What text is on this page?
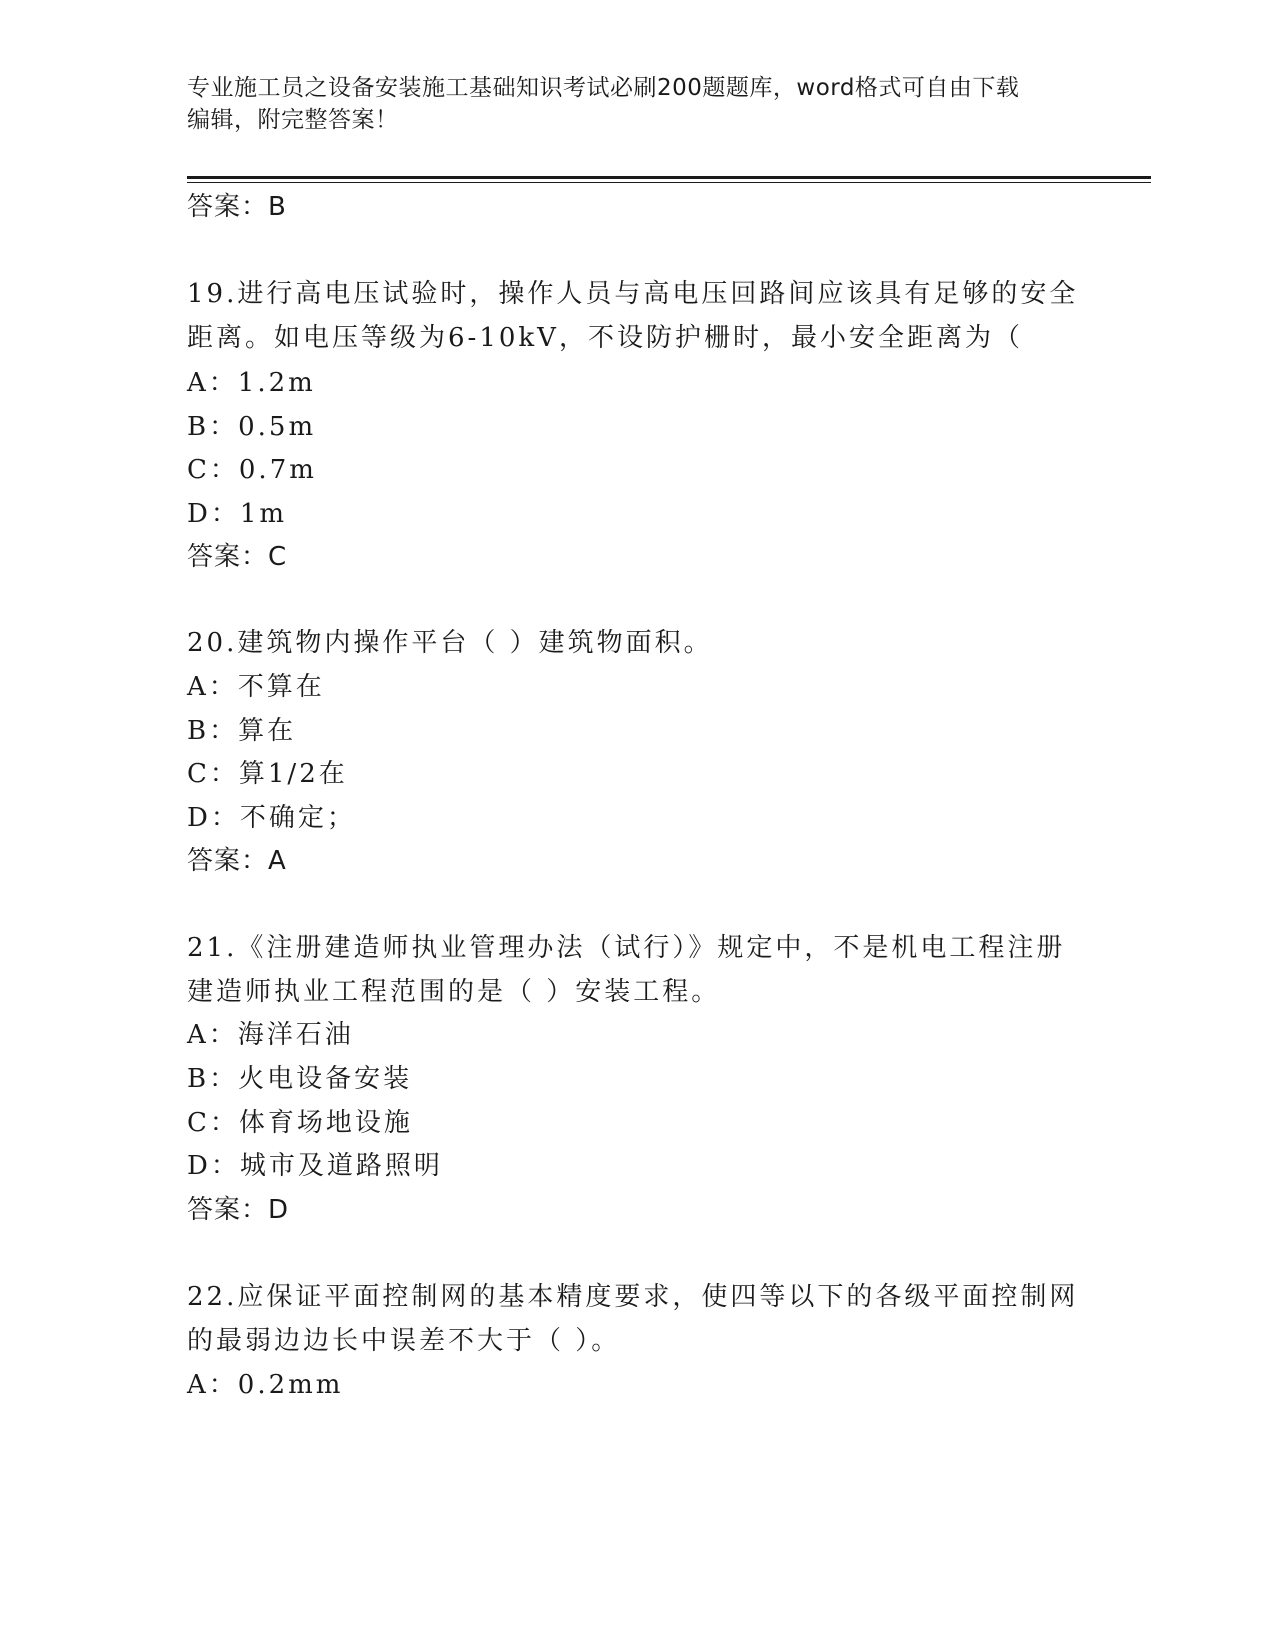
专业施工员之设备安装施工基础知识考试必刷200题题库，word格式可自由下载
编辑，附完整答案！
答案：B
19.进行高电压试验时，操作人员与高电压回路间应该具有足够的安全
距离。如电压等级为6-10kV，不设防护栅时，最小安全距离为（
A：1.2m
B：0.5m
C：0.7m
D：1m
答案：C
20.建筑物内操作平台（ ）建筑物面积。
A：不算在
B：算在
C：算1/2在
D：不确定；
答案：A
21.《注册建造师执业管理办法（试行）》规定中，不是机电工程注册
建造师执业工程范围的是（ ）安装工程。
A：海洋石油
B：火电设备安装
C：体育场地设施
D：城市及道路照明
答案：D
22.应保证平面控制网的基本精度要求，使四等以下的各级平面控制网
的最弱边边长中误差不大于（ ）。
A：0.2mm
